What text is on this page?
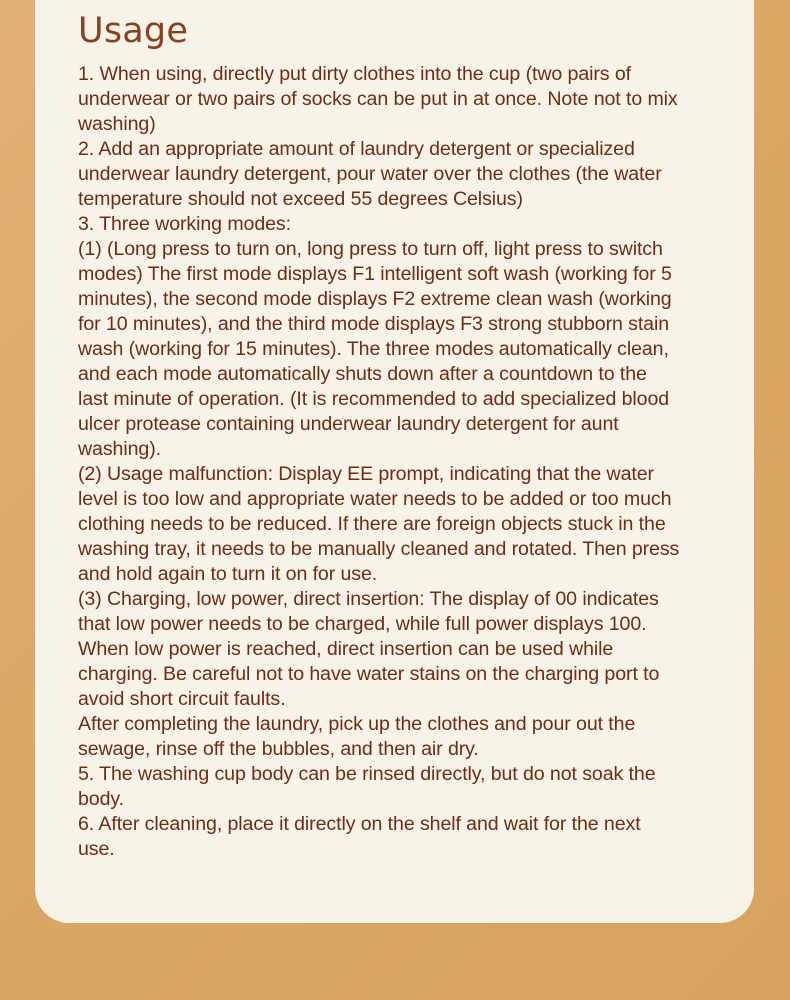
Usage
1. When using, directly put dirty clothes into the cup (two pairs of
underwear or two pairs of socks can be put in at once. Note not to mix
washing)
2. Add an appropriate amount of laundry detergent or specialized
underwear laundry detergent, pour water over the clothes (the water
temperature should not exceed 55 degrees Celsius)
3. Three working modes:
(1) (Long press to turn on, long press to turn off, light press to switch
modes) The first mode displays F1 intelligent soft wash (working for 5
minutes), the second mode displays F2 extreme clean wash (working
for 10 minutes), and the third mode displays F3 strong stubborn stain
wash (working for 15 minutes). The three modes automatically clean,
and each mode automatically shuts down after a countdown to the
last minute of operation. (It is recommended to add specialized blood
ulcer protease containing underwear laundry detergent for aunt
washing).
(2) Usage malfunction: Display EE prompt, indicating that the water
level is too low and appropriate water needs to be added or too much
clothing needs to be reduced. If there are foreign objects stuck in the
washing tray, it needs to be manually cleaned and rotated. Then press
and hold again to turn it on for use.
(3) Charging, low power, direct insertion: The display of 00 indicates
that low power needs to be charged, while full power displays 100.
When low power is reached, direct insertion can be used while
charging. Be careful not to have water stains on the charging port to
avoid short circuit faults.
After completing the laundry, pick up the clothes and pour out the
sewage, rinse off the bubbles, and then air dry.
5. The washing cup body can be rinsed directly, but do not soak the
body.
6. After cleaning, place it directly on the shelf and wait for the next
use.
